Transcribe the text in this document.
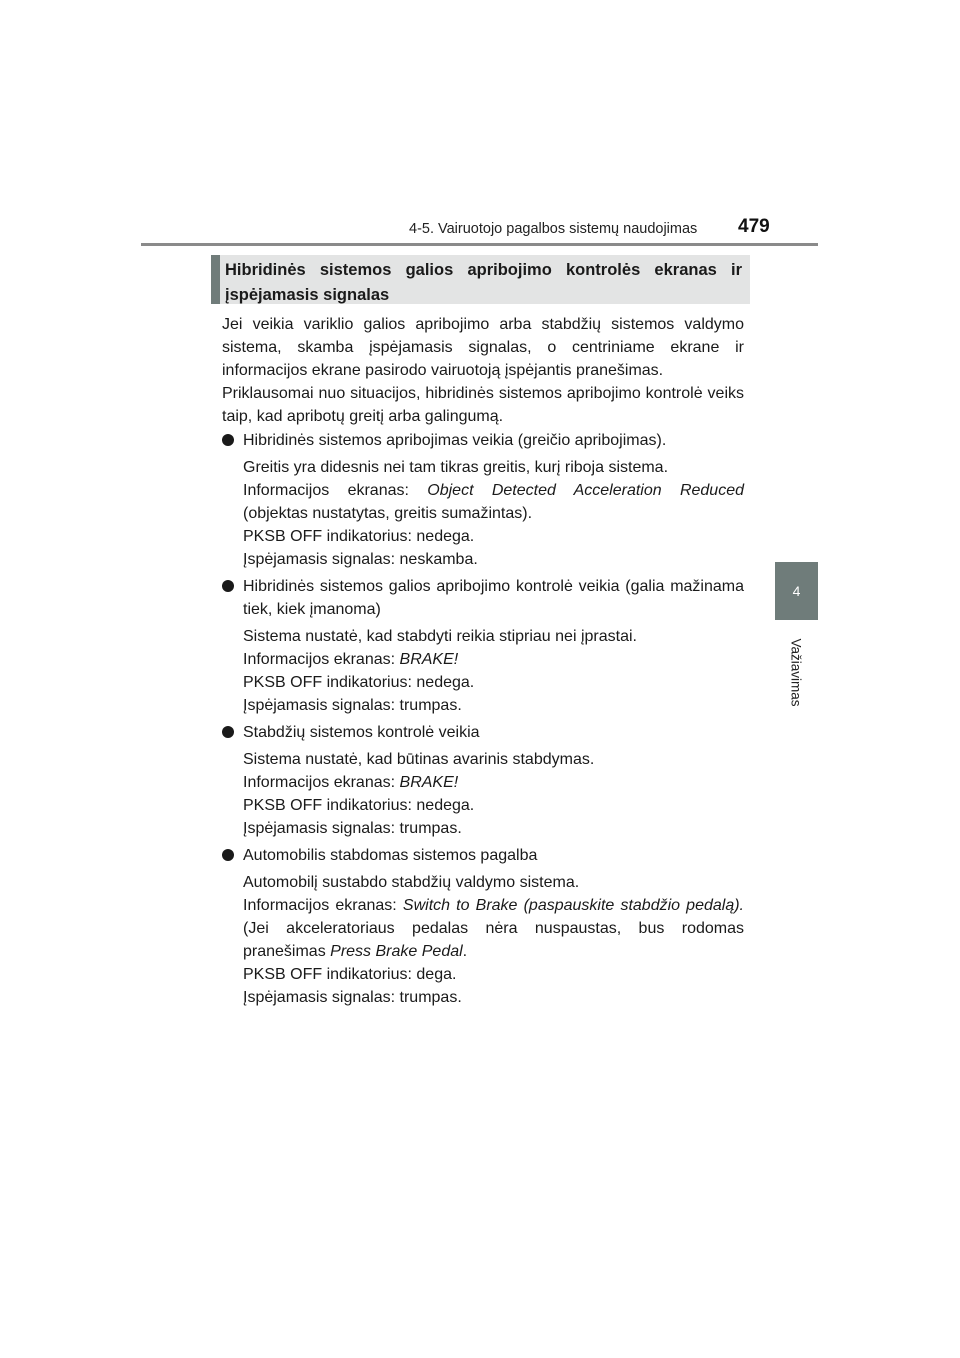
4-5. Vairuotojo pagalbos sistemų naudojimas 479
4
Važiavimas
Hibridinės sistemos galios apribojimo kontrolės ekranas ir įspėjamasis signalas

Jei veikia variklio galios apribojimo arba stabdžių sistemos valdymo sistema, skamba įspėjamasis signalas, o centriniame ekrane ir informacijos ekrane pasirodo vairuotoją įspėjantis pranešimas.

Priklausomai nuo situacijos, hibridinės sistemos apribojimo kontrolė veiks taip, kad apribotų greitį arba galingumą.

Hibridinės sistemos apribojimas veikia (greičio apribojimas).

Greitis yra didesnis nei tam tikras greitis, kurį riboja sistema.

Informacijos ekranas: Object Detected Acceleration Reduced

(objektas nustatytas, greitis sumažintas).

PKSB OFF indikatorius: nedega.

Įspėjamasis signalas: neskamba.

Hibridinės sistemos galios apribojimo kontrolė veikia (galia mažinama tiek, kiek įmanoma)

Sistema nustatė, kad stabdyti reikia stipriau nei įprastai.

Informacijos ekranas: BRAKE!

PKSB OFF indikatorius: nedega.

Įspėjamasis signalas: trumpas.

Stabdžių sistemos kontrolė veikia

Sistema nustatė, kad būtinas avarinis stabdymas.

Informacijos ekranas: BRAKE!

PKSB OFF indikatorius: nedega.

Įspėjamasis signalas: trumpas.

Automobilis stabdomas sistemos pagalba

Automobilį sustabdo stabdžių valdymo sistema.

Informacijos ekranas: Switch to Brake (paspauskite stabdžio pedalą). (Jei akceleratoriaus pedalas nėra nuspaustas, bus rodomas pranešimas Press Brake Pedal.

PKSB OFF indikatorius: dega.

Įspėjamasis signalas: trumpas.
